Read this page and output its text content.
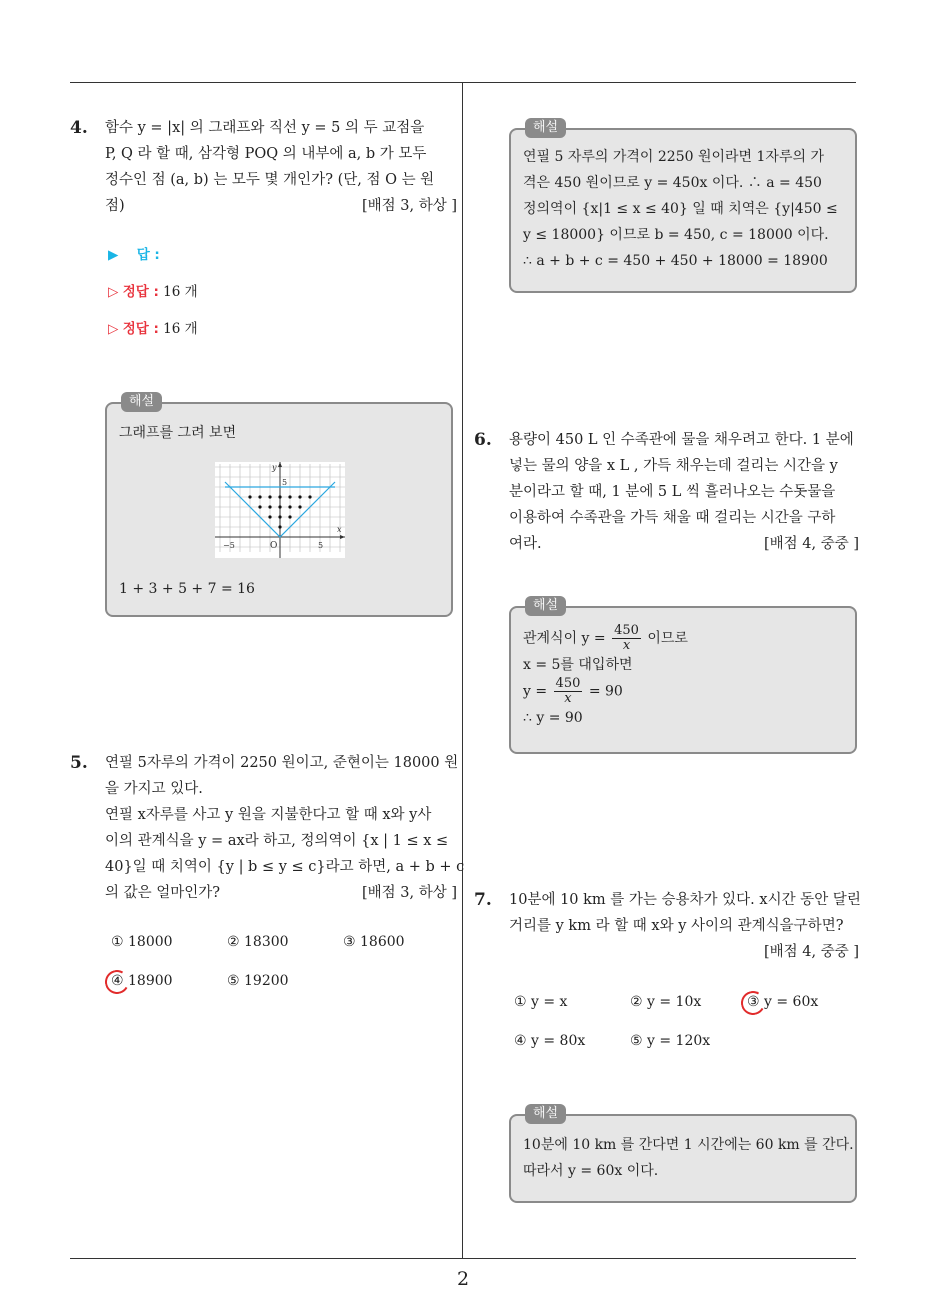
4. 함수 y = |x| 의 그래프와 직선 y = 5 의 두 교점을
P, Q 라 할 때, 삼각형 POQ 의 내부에 a, b 가 모두
정수인 점 (a, b) 는 모두 몇 개인가? (단, 점 O 는 원
점)	[배점 3, 하상 ]
▶ 답 :
▷ 정답 : 16 개
▷ 정답 : 16 개
해설
그래프를 그려 보면
y
x
O	5
−5
5
1 + 3 + 5 + 7 = 16
5. 연필 5자루의 가격이 2250 원이고, 준현이는 18000 원
을 가지고 있다.
연필 x자루를 사고 y 원을 지불한다고 할 때 x와 y사
이의 관계식을 y = ax라 하고, 정의역이 {x | 1 ≤ x ≤
40}일 때 치역이 {y | b ≤ y ≤ c}라고 하면, a + b + c
의 값은 얼마인가?	[배점 3, 하상 ]
① 18000	② 18300	③ 18600
④ 18900	⑤ 19200
해설
연필 5 자루의 가격이 2250 원이라면 1자루의 가
격은 450 원이므로 y = 450x 이다. ∴ a = 450
정의역이 {x|1 ≤ x ≤ 40} 일 때 치역은 {y|450 ≤
y ≤ 18000} 이므로 b = 450, c = 18000 이다.
∴ a + b + c = 450 + 450 + 18000 = 18900
6. 용량이 450 L 인 수족관에 물을 채우려고 한다. 1 분에
넣는 물의 양을 x L , 가득 채우는데 걸리는 시간을 y
분이라고 할 때, 1 분에 5 L 씩 흘러나오는 수돗물을
이용하여 수족관을 가득 채울 때 걸리는 시간을 구하
여라.	[배점 4, 중중 ]
해설
관계식이 $y = \frac{450}{x}$ 이므로
x = 5를 대입하면
$y = \frac{450}{x} = 90$
∴ y = 90
7. 10분에 10 km 를 가는 승용차가 있다. x시간 동안 달린
거리를 y km 라 할 때 x와 y 사이의 관계식을구하면?
[배점 4, 중중 ]
① y = x	② y = 10x	③ y = 60x
④ y = 80x	⑤ y = 120x
해설
10분에 10 km 를 간다면 1 시간에는 60 km 를 간다.
따라서 y = 60x 이다.
2
